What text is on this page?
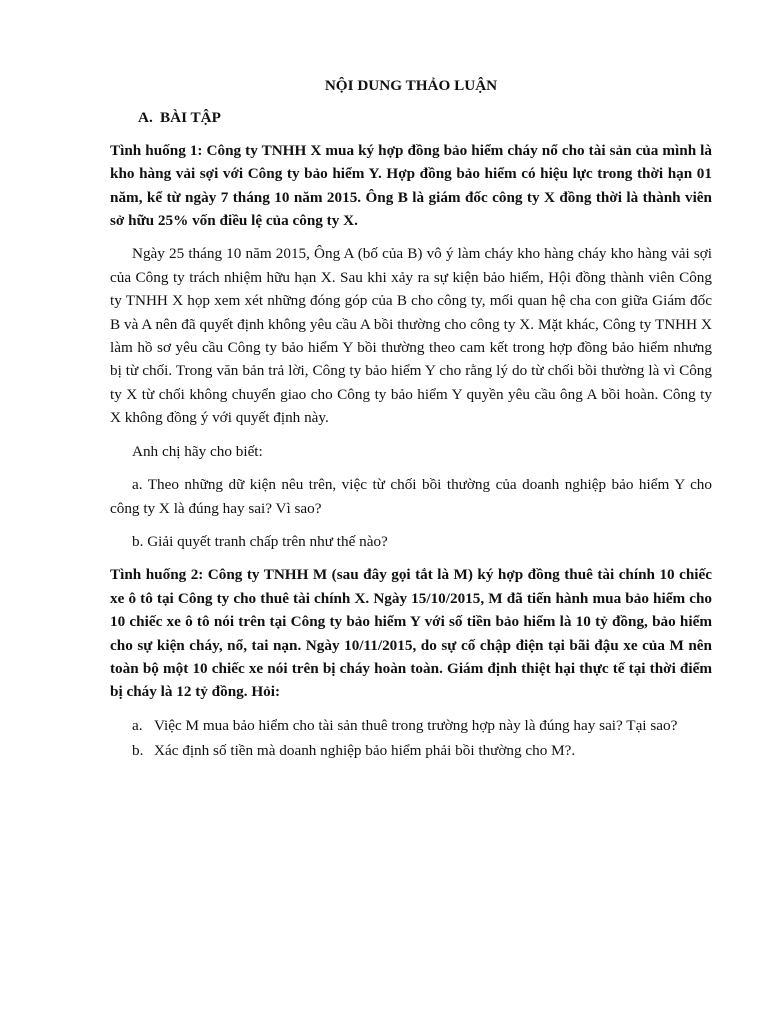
NỘI DUNG THẢO LUẬN
A. BÀI TẬP

Tình huống 1: Công ty TNHH X mua ký hợp đồng bảo hiểm cháy nổ cho tài sản của mình là kho hàng vải sợi với Công ty bảo hiểm Y. Hợp đồng bảo hiểm có hiệu lực trong thời hạn 01 năm, kể từ ngày 7 tháng 10 năm 2015. Ông B là giám đốc công ty X đồng thời là thành viên sở hữu 25% vốn điều lệ của công ty X.

Ngày 25 tháng 10 năm 2015, Ông A (bố của B) vô ý làm cháy kho hàng cháy kho hàng vải sợi của Công ty trách nhiệm hữu hạn X. Sau khi xảy ra sự kiện bảo hiểm, Hội đồng thành viên Công ty TNHH X họp xem xét những đóng góp của B cho công ty, mối quan hệ cha con giữa Giám đốc B và A nên đã quyết định không yêu cầu A bồi thường cho công ty X. Mặt khác, Công ty TNHH X làm hồ sơ yêu cầu Công ty bảo hiểm Y bồi thường theo cam kết trong hợp đồng bảo hiểm nhưng bị từ chối. Trong văn bản trả lời, Công ty bảo hiểm Y cho rằng lý do từ chối bồi thường là vì Công ty X từ chối không chuyển giao cho Công ty bảo hiểm Y quyền yêu cầu ông A bồi hoàn. Công ty X không đồng ý với quyết định này.

Anh chị hãy cho biết:

a. Theo những dữ kiện nêu trên, việc từ chối bồi thường của doanh nghiệp bảo hiểm Y cho công ty X là đúng hay sai? Vì sao?

b. Giải quyết tranh chấp trên như thế nào?

Tình huống 2: Công ty TNHH M (sau đây gọi tắt là M) ký hợp đồng thuê tài chính 10 chiếc xe ô tô tại Công ty cho thuê tài chính X. Ngày 15/10/2015, M đã tiến hành mua bảo hiểm cho 10 chiếc xe ô tô nói trên tại Công ty bảo hiểm Y với số tiền bảo hiểm là 10 tỷ đồng, bảo hiểm cho sự kiện cháy, nổ, tai nạn. Ngày 10/11/2015, do sự cố chập điện tại bãi đậu xe của M nên toàn bộ một 10 chiếc xe nói trên bị cháy hoàn toàn. Giám định thiệt hại thực tế tại thời điểm bị cháy là 12 tỷ đồng. Hỏi:

a. Việc M mua bảo hiểm cho tài sản thuê trong trường hợp này là đúng hay sai? Tại sao?
b. Xác định số tiền mà doanh nghiệp bảo hiểm phải bồi thường cho M?.
